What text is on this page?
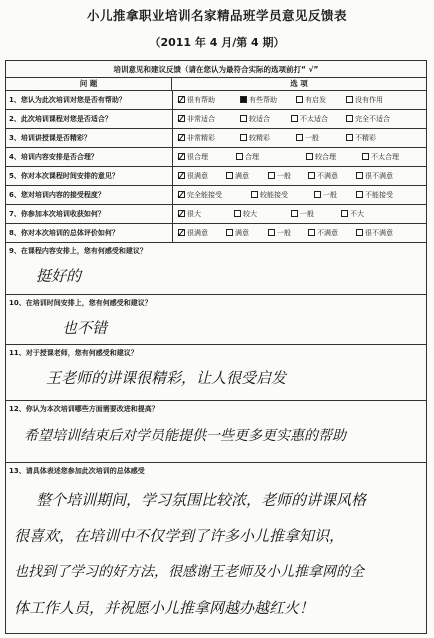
小儿推拿职业培训名家精品班学员意见反馈表
（2011 年 4 月/第 4 期）
培训意见和建议反馈（请在您认为最符合实际的选项前打“ √”
问 题	选 项
1、您认为此次培训对您是否有帮助？	很有帮助	有些帮助	有启发	没有作用
✓
2、此次培训课程对您是否适合？	非常适合	较适合	不太适合	完全不适合
✓
3、培训讲授课是否精彩？	非常精彩	较精彩	一般	不精彩
✓
4、培训内容安排是否合理？	很合理	合理	较合理	不太合理
✓
5、你对本次课程时间安排的意见？	很满意	满意	一般	不满意	很不满意
✓
6、您对培训内容的接受程度？	完全能接受	较能接受	一般	不能接受
✓
7、你参加本次培训收获如何？	很大	较大	一般	不大
✓
8、你对本次培训的总体评价如何？	很满意	满意	一般	不满意	很不满意
✓
9、在课程内容安排上，您有何感受和建议？
挺好的
10、在培训时间安排上，您有何感受和建议？
也不错
11、对于授课老师，您有何感受和建议？
王老师的讲课很精彩，让人很受启发
12、你认为本次培训哪些方面需要改进和提高？
希望培训结束后对学员能提供一些更多更实惠的帮助
13、请具体表述您参加此次培训的总体感受
整个培训期间，学习氛围比较浓，老师的讲课风格
很喜欢，在培训中不仅学到了许多小儿推拿知识，
也找到了学习的好方法，很感谢王老师及小儿推拿网的全
体工作人员，并祝愿小儿推拿网越办越红火！
